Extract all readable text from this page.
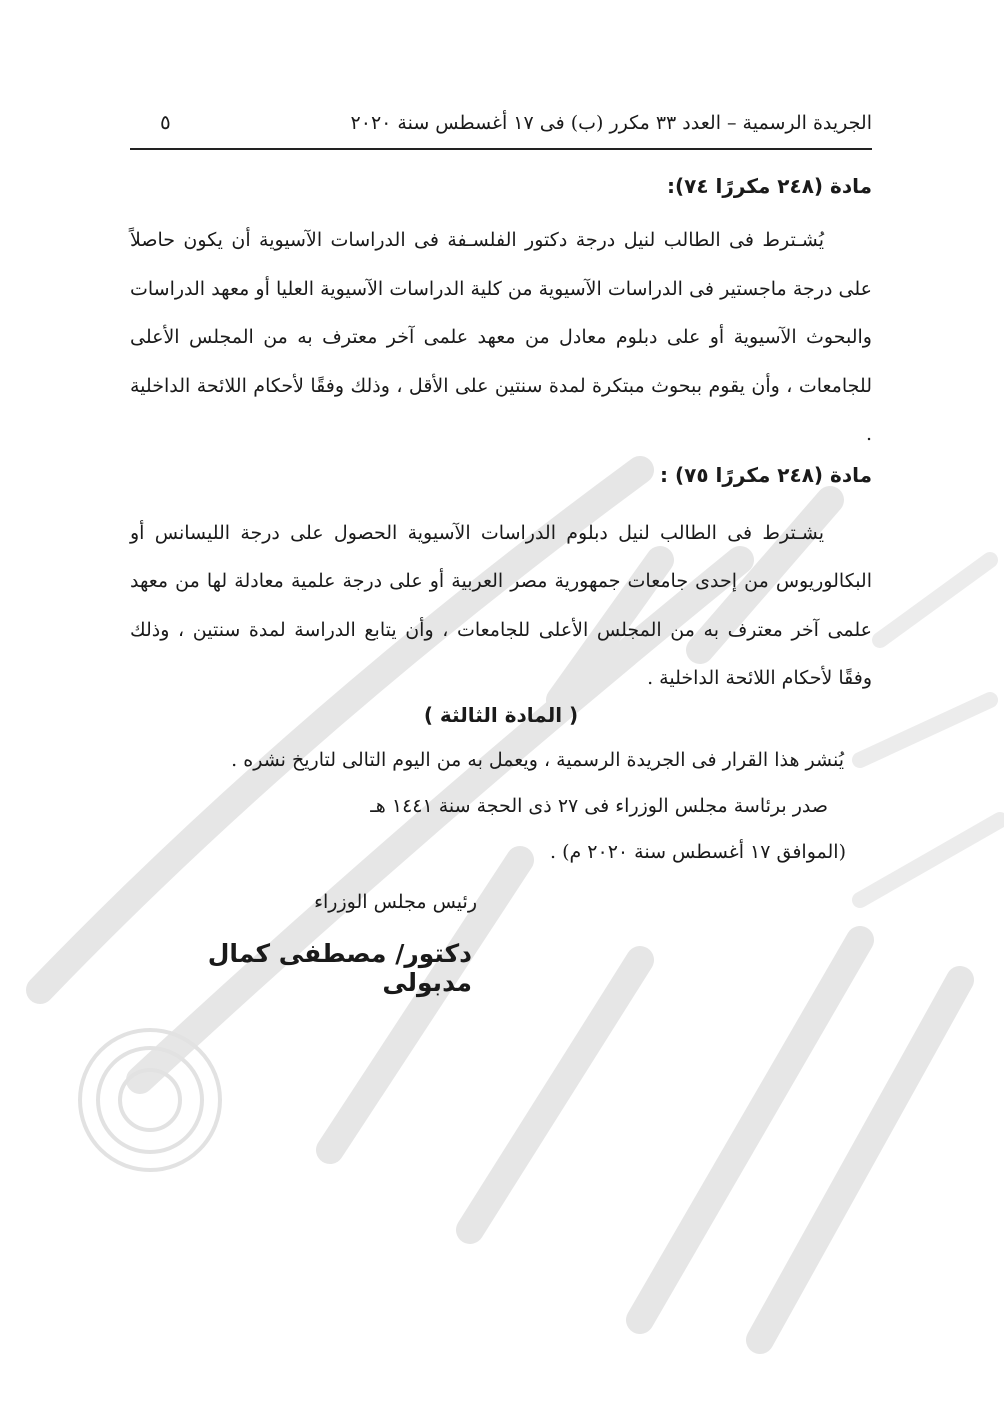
الجريدة الرسمية – العدد ٣٣ مكرر (ب) فى ١٧ أغسطس سنة ٢٠٢٠
٥
مادة (٢٤٨ مكررًا ٧٤):

يُشـترط فى الطالب لنيل درجة دكتور الفلسـفة فى الدراسات الآسيوية أن يكون حاصلاً على درجة ماجستير فى الدراسات الآسيوية من كلية الدراسات الآسيوية العليا أو معهد الدراسات والبحوث الآسيوية أو على دبلوم معادل من معهد علمى آخر معترف به من المجلس الأعلى للجامعات ، وأن يقوم ببحوث مبتكرة لمدة سنتين على الأقل ، وذلك وفقًا لأحكام اللائحة الداخلية .

مادة (٢٤٨ مكررًا ٧٥) :

يشـترط فى الطالب لنيل دبلوم الدراسات الآسيوية الحصول على درجة الليسانس أو البكالوريوس من إحدى جامعات جمهورية مصر العربية أو على درجة علمية معادلة لها من معهد علمى آخر معترف به من المجلس الأعلى للجامعات ، وأن يتابع الدراسة لمدة سنتين ، وذلك وفقًا لأحكام اللائحة الداخلية .

( المادة الثالثة )

يُنشر هذا القرار فى الجريدة الرسمية ، ويعمل به من اليوم التالى لتاريخ نشره .

صدر برئاسة مجلس الوزراء فى ٢٧ ذى الحجة سنة ١٤٤١ هـ

(الموافق ١٧ أغسطس سنة ٢٠٢٠ م) .

رئيس مجلس الوزراء

دكتور/ مصطفى كمال مدبولى
